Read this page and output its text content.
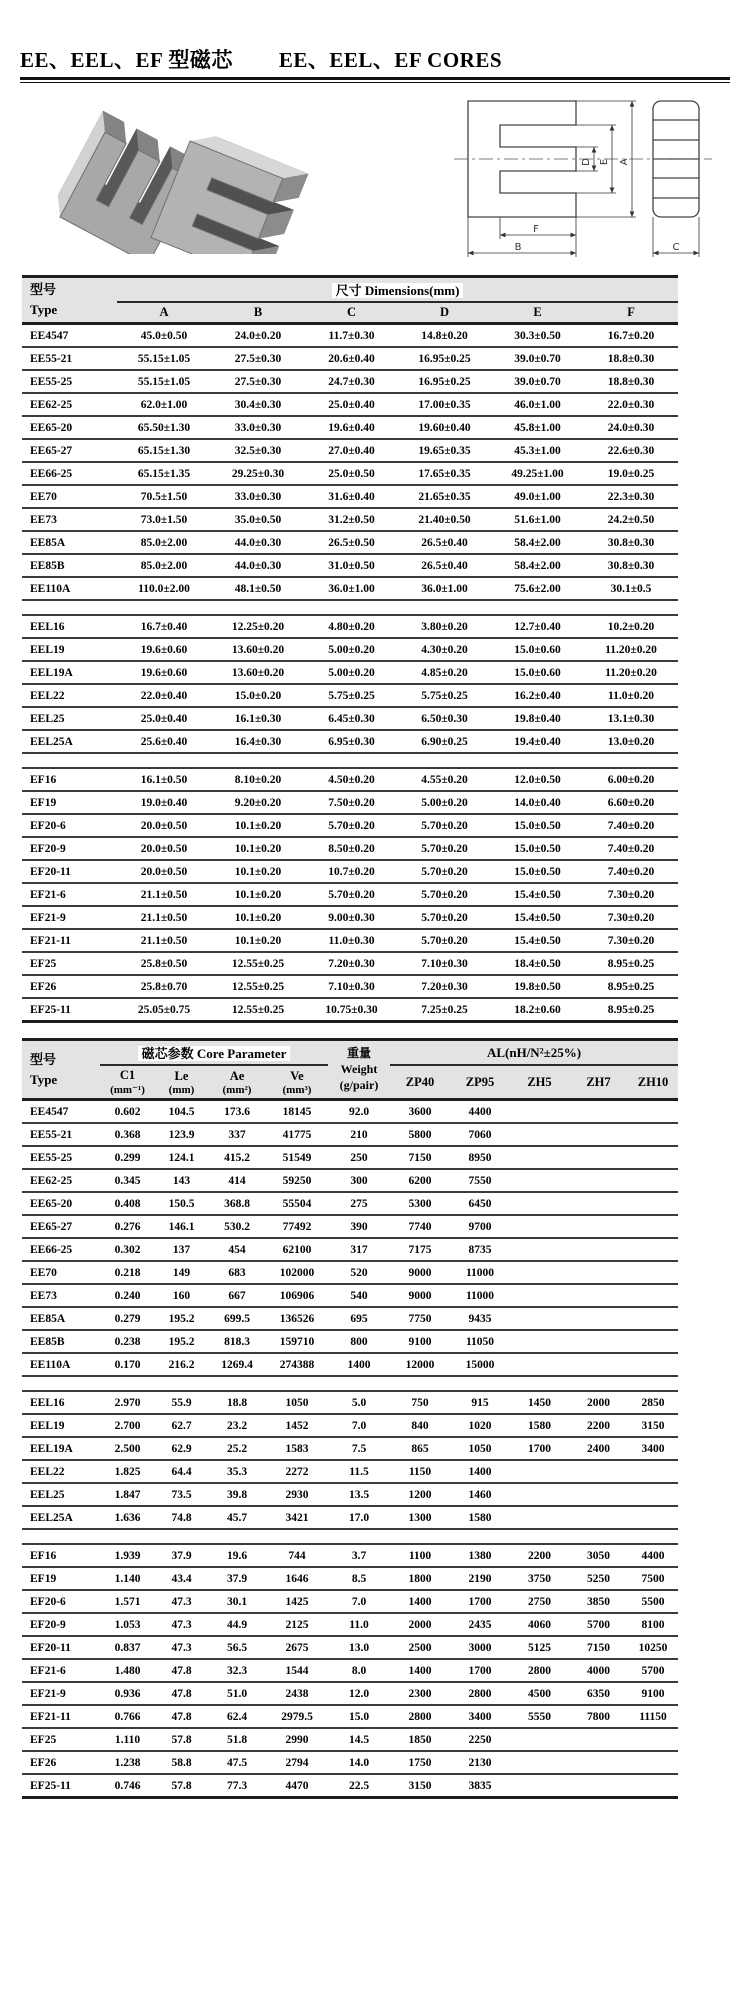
EE、EEL、EF 型磁芯 EE、EEL、EF CORES
D E A
F
B	C
型号
Type	尺寸 Dimensions(mm)					
	A	B	C	D	E	F
EE4547	45.0±0.50	24.0±0.20	11.7±0.30	14.8±0.20	30.3±0.50	16.7±0.20
EE55-21	55.15±1.05	27.5±0.30	20.6±0.40	16.95±0.25	39.0±0.70	18.8±0.30
EE55-25	55.15±1.05	27.5±0.30	24.7±0.30	16.95±0.25	39.0±0.70	18.8±0.30
EE62-25	62.0±1.00	30.4±0.30	25.0±0.40	17.00±0.35	46.0±1.00	22.0±0.30
EE65-20	65.50±1.30	33.0±0.30	19.6±0.40	19.60±0.40	45.8±1.00	24.0±0.30
EE65-27	65.15±1.30	32.5±0.30	27.0±0.40	19.65±0.35	45.3±1.00	22.6±0.30
EE66-25	65.15±1.35	29.25±0.30	25.0±0.50	17.65±0.35	49.25±1.00	19.0±0.25
EE70	70.5±1.50	33.0±0.30	31.6±0.40	21.65±0.35	49.0±1.00	22.3±0.30
EE73	73.0±1.50	35.0±0.50	31.2±0.50	21.40±0.50	51.6±1.00	24.2±0.50
EE85A	85.0±2.00	44.0±0.30	26.5±0.50	26.5±0.40	58.4±2.00	30.8±0.30
EE85B	85.0±2.00	44.0±0.30	31.0±0.50	26.5±0.40	58.4±2.00	30.8±0.30
EE110A	110.0±2.00	48.1±0.50	36.0±1.00	36.0±1.00	75.6±2.00	30.1±0.5

EEL16	16.7±0.40	12.25±0.20	4.80±0.20	3.80±0.20	12.7±0.40	10.2±0.20
EEL19	19.6±0.60	13.60±0.20	5.00±0.20	4.30±0.20	15.0±0.60	11.20±0.20
EEL19A	19.6±0.60	13.60±0.20	5.00±0.20	4.85±0.20	15.0±0.60	11.20±0.20
EEL22	22.0±0.40	15.0±0.20	5.75±0.25	5.75±0.25	16.2±0.40	11.0±0.20
EEL25	25.0±0.40	16.1±0.30	6.45±0.30	6.50±0.30	19.8±0.40	13.1±0.30
EEL25A	25.6±0.40	16.4±0.30	6.95±0.30	6.90±0.25	19.4±0.40	13.0±0.20

EF16	16.1±0.50	8.10±0.20	4.50±0.20	4.55±0.20	12.0±0.50	6.00±0.20
EF19	19.0±0.40	9.20±0.20	7.50±0.20	5.00±0.20	14.0±0.40	6.60±0.20
EF20-6	20.0±0.50	10.1±0.20	5.70±0.20	5.70±0.20	15.0±0.50	7.40±0.20
EF20-9	20.0±0.50	10.1±0.20	8.50±0.20	5.70±0.20	15.0±0.50	7.40±0.20
EF20-11	20.0±0.50	10.1±0.20	10.7±0.20	5.70±0.20	15.0±0.50	7.40±0.20
EF21-6	21.1±0.50	10.1±0.20	5.70±0.20	5.70±0.20	15.4±0.50	7.30±0.20
EF21-9	21.1±0.50	10.1±0.20	9.00±0.30	5.70±0.20	15.4±0.50	7.30±0.20
EF21-11	21.1±0.50	10.1±0.20	11.0±0.30	5.70±0.20	15.4±0.50	7.30±0.20
EF25	25.8±0.50	12.55±0.25	7.20±0.30	7.10±0.30	18.4±0.50	8.95±0.25
EF26	25.8±0.70	12.55±0.25	7.10±0.30	7.20±0.30	19.8±0.50	8.95±0.25
EF25-11	25.05±0.75	12.55±0.25	10.75±0.30	7.25±0.25	18.2±0.60	8.95±0.25
型号
Type
	磁芯参数 Core Parameter	重量
Weight
(g/pair)
	AL(nH/N²±25%)
	C1
(mm⁻¹)	Le
(mm)	Ae
(mm²)	Ve
(mm³)		ZP40	ZP95	ZH5	ZH7	ZH10
EE4547	0.602	104.5	173.6	18145	92.0	3600	4400			
EE55-21	0.368	123.9	337	41775	210	5800	7060			
EE55-25	0.299	124.1	415.2	51549	250	7150	8950			
EE62-25	0.345	143	414	59250	300	6200	7550			
EE65-20	0.408	150.5	368.8	55504	275	5300	6450			
EE65-27	0.276	146.1	530.2	77492	390	7740	9700			
EE66-25	0.302	137	454	62100	317	7175	8735			
EE70	0.218	149	683	102000	520	9000	11000			
EE73	0.240	160	667	106906	540	9000	11000			
EE85A	0.279	195.2	699.5	136526	695	7750	9435			
EE85B	0.238	195.2	818.3	159710	800	9100	11050			
EE110A	0.170	216.2	1269.4	274388	1400	12000	15000			

EEL16	2.970	55.9	18.8	1050	5.0	750	915	1450	2000	2850
EEL19	2.700	62.7	23.2	1452	7.0	840	1020	1580	2200	3150
EEL19A	2.500	62.9	25.2	1583	7.5	865	1050	1700	2400	3400
EEL22	1.825	64.4	35.3	2272	11.5	1150	1400			
EEL25	1.847	73.5	39.8	2930	13.5	1200	1460			
EEL25A	1.636	74.8	45.7	3421	17.0	1300	1580			

EF16	1.939	37.9	19.6	744	3.7	1100	1380	2200	3050	4400
EF19	1.140	43.4	37.9	1646	8.5	1800	2190	3750	5250	7500
EF20-6	1.571	47.3	30.1	1425	7.0	1400	1700	2750	3850	5500
EF20-9	1.053	47.3	44.9	2125	11.0	2000	2435	4060	5700	8100
EF20-11	0.837	47.3	56.5	2675	13.0	2500	3000	5125	7150	10250
EF21-6	1.480	47.8	32.3	1544	8.0	1400	1700	2800	4000	5700
EF21-9	0.936	47.8	51.0	2438	12.0	2300	2800	4500	6350	9100
EF21-11	0.766	47.8	62.4	2979.5	15.0	2800	3400	5550	7800	11150
EF25	1.110	57.8	51.8	2990	14.5	1850	2250			
EF26	1.238	58.8	47.5	2794	14.0	1750	2130			
EF25-11	0.746	57.8	77.3	4470	22.5	3150	3835			
